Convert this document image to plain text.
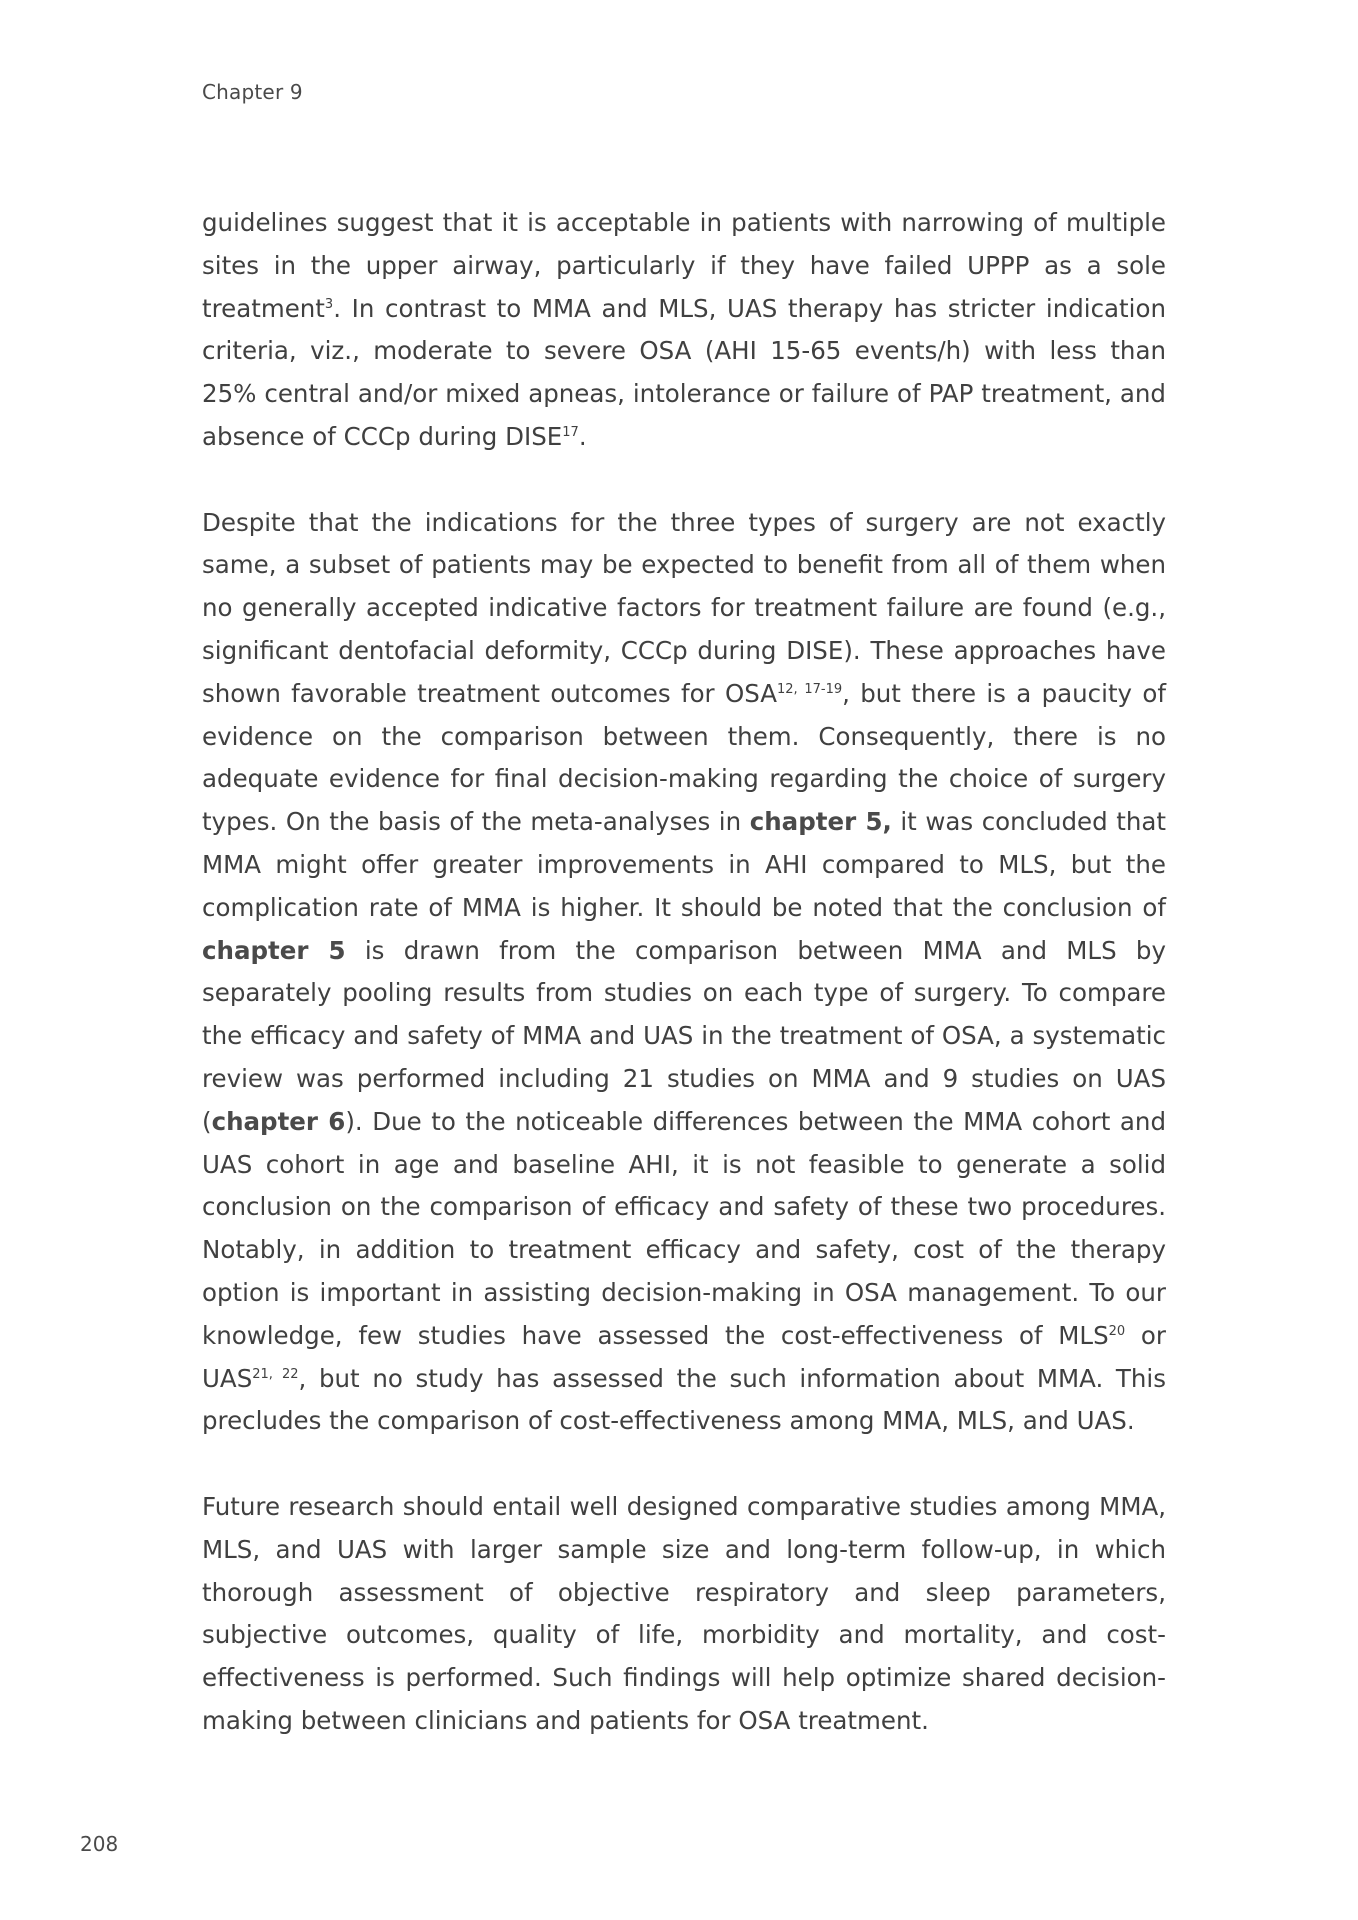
Chapter 9

guidelines suggest that it is acceptable in patients with narrowing of multiple sites in the upper airway, particularly if they have failed UPPP as a sole treatment$^3$. In contrast to MMA and MLS, UAS therapy has stricter indication criteria, viz., moderate to severe OSA (AHI 15-65 events/h) with less than 25% central and/or mixed apneas, intolerance or failure of PAP treatment, and absence of CCCp during DISE$^{17}$.

Despite that the indications for the three types of surgery are not exactly same, a subset of patients may be expected to benefit from all of them when no generally accepted indicative factors for treatment failure are found (e.g., significant dentofacial deformity, CCCp during DISE). These approaches have shown favorable treatment outcomes for OSA$^{12, 17-19}$, but there is a paucity of evidence on the comparison between them. Consequently, there is no adequate evidence for final decision-making regarding the choice of surgery types. On the basis of the meta-analyses in chapter 5, it was concluded that MMA might offer greater improvements in AHI compared to MLS, but the complication rate of MMA is higher. It should be noted that the conclusion of chapter 5 is drawn from the comparison between MMA and MLS by separately pooling results from studies on each type of surgery. To compare the efficacy and safety of MMA and UAS in the treatment of OSA, a systematic review was performed including 21 studies on MMA and 9 studies on UAS (chapter 6). Due to the noticeable differences between the MMA cohort and UAS cohort in age and baseline AHI, it is not feasible to generate a solid conclusion on the comparison of efficacy and safety of these two procedures. Notably, in addition to treatment efficacy and safety, cost of the therapy option is important in assisting decision-making in OSA management. To our knowledge, few studies have assessed the cost-effectiveness of MLS$^{20}$ or UAS$^{21, 22}$, but no study has assessed the such information about MMA. This precludes the comparison of cost-effectiveness among MMA, MLS, and UAS.

Future research should entail well designed comparative studies among MMA, MLS, and UAS with larger sample size and long-term follow-up, in which thorough assessment of objective respiratory and sleep parameters, subjective outcomes, quality of life, morbidity and mortality, and cost-effectiveness is performed. Such findings will help optimize shared decision-making between clinicians and patients for OSA treatment.

208
